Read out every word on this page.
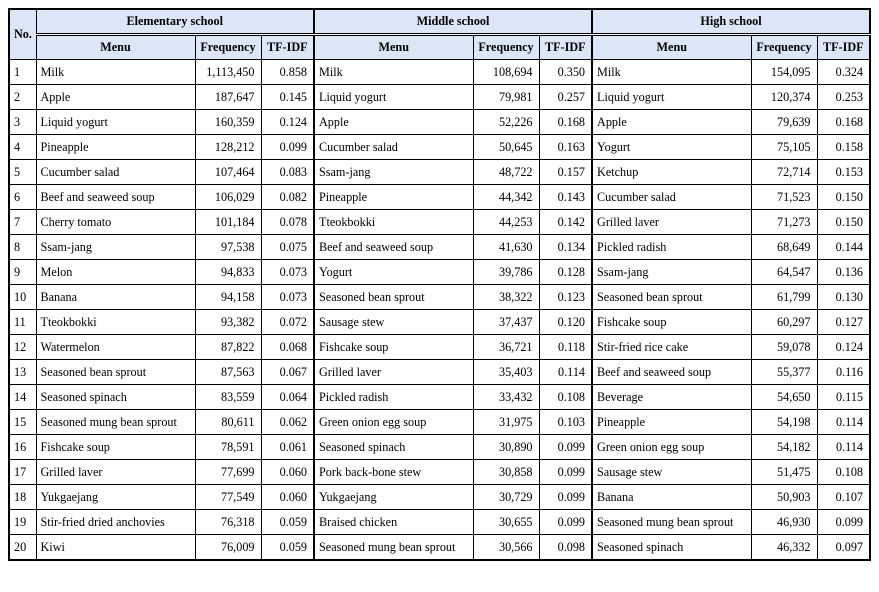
No.	Elementary school			Middle school			High school		
	Menu	Frequency	TF-IDF	Menu	Frequency	TF-IDF	Menu	Frequency	TF-IDF
1	Milk	1,113,450	0.858	Milk	108,694	0.350	Milk	154,095	0.324
2	Apple	187,647	0.145	Liquid yogurt	79,981	0.257	Liquid yogurt	120,374	0.253
3	Liquid yogurt	160,359	0.124	Apple	52,226	0.168	Apple	79,639	0.168
4	Pineapple	128,212	0.099	Cucumber salad	50,645	0.163	Yogurt	75,105	0.158
5	Cucumber salad	107,464	0.083	Ssam-jang	48,722	0.157	Ketchup	72,714	0.153
6	Beef and seaweed soup	106,029	0.082	Pineapple	44,342	0.143	Cucumber salad	71,523	0.150
7	Cherry tomato	101,184	0.078	Tteokbokki	44,253	0.142	Grilled laver	71,273	0.150
8	Ssam-jang	97,538	0.075	Beef and seaweed soup	41,630	0.134	Pickled radish	68,649	0.144
9	Melon	94,833	0.073	Yogurt	39,786	0.128	Ssam-jang	64,547	0.136
10	Banana	94,158	0.073	Seasoned bean sprout	38,322	0.123	Seasoned bean sprout	61,799	0.130
11	Tteokbokki	93,382	0.072	Sausage stew	37,437	0.120	Fishcake soup	60,297	0.127
12	Watermelon	87,822	0.068	Fishcake soup	36,721	0.118	Stir-fried rice cake	59,078	0.124
13	Seasoned bean sprout	87,563	0.067	Grilled laver	35,403	0.114	Beef and seaweed soup	55,377	0.116
14	Seasoned spinach	83,559	0.064	Pickled radish	33,432	0.108	Beverage	54,650	0.115
15	Seasoned mung bean sprout	80,611	0.062	Green onion egg soup	31,975	0.103	Pineapple	54,198	0.114
16	Fishcake soup	78,591	0.061	Seasoned spinach	30,890	0.099	Green onion egg soup	54,182	0.114
17	Grilled laver	77,699	0.060	Pork back-bone stew	30,858	0.099	Sausage stew	51,475	0.108
18	Yukgaejang	77,549	0.060	Yukgaejang	30,729	0.099	Banana	50,903	0.107
19	Stir-fried dried anchovies	76,318	0.059	Braised chicken	30,655	0.099	Seasoned mung bean sprout	46,930	0.099
20	Kiwi	76,009	0.059	Seasoned mung bean sprout	30,566	0.098	Seasoned spinach	46,332	0.097
